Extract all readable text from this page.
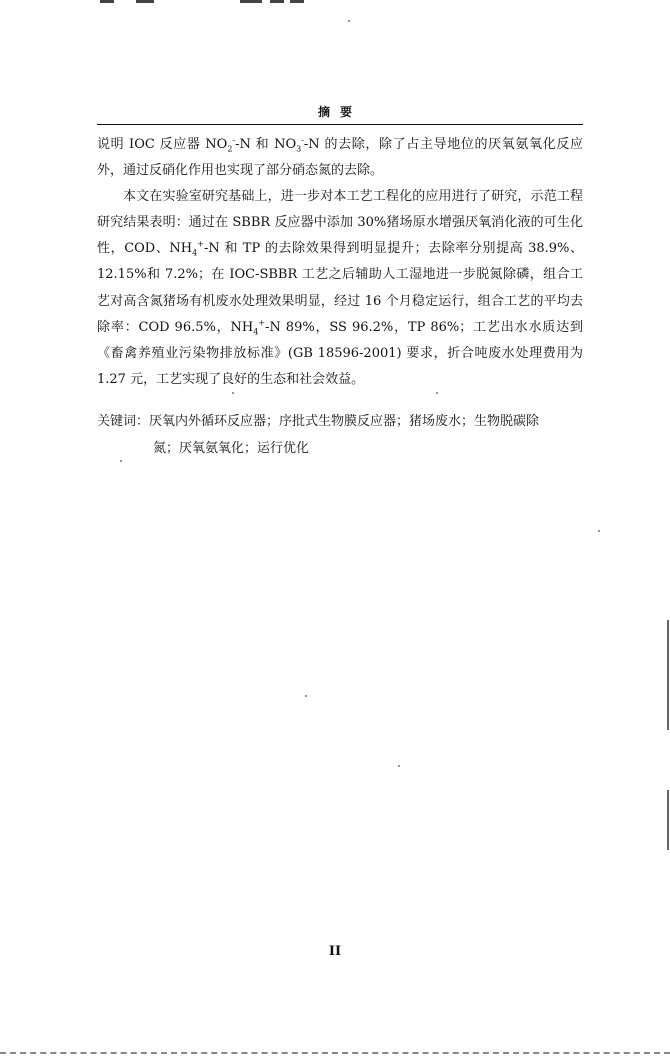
摘要

说明 IOC 反应器 $NO_2^--N$ 和 $NO_3^--N$ 的去除，除了占主导地位的厌氧氨氧化反应外，通过反硝化作用也实现了部分硝态氮的去除。

本文在实验室研究基础上，进一步对本工艺工程化的应用进行了研究，示范工程研究结果表明：通过在 SBBR 反应器中添加 30%猪场原水增强厌氧消化液的可生化性，COD、$NH_4^+-N$ 和 TP 的去除效果得到明显提升；去除率分别提高 38.9%、12.15%和 7.2%；在 IOC-SBBR 工艺之后辅助人工湿地进一步脱氮除磷，组合工艺对高含氮猪场有机废水处理效果明显，经过 16 个月稳定运行，组合工艺的平均去除率：COD 96.5%，$NH_4^+-N$ 89%，SS 96.2%，TP 86%；工艺出水水质达到《畜禽养殖业污染物排放标准》(GB 18596-2001) 要求，折合吨废水处理费用为 1.27 元，工艺实现了良好的生态和社会效益。

关键词：厌氧内外循环反应器；序批式生物膜反应器；猪场废水；生物脱碳除
氮；厌氧氨氧化；运行优化
II
